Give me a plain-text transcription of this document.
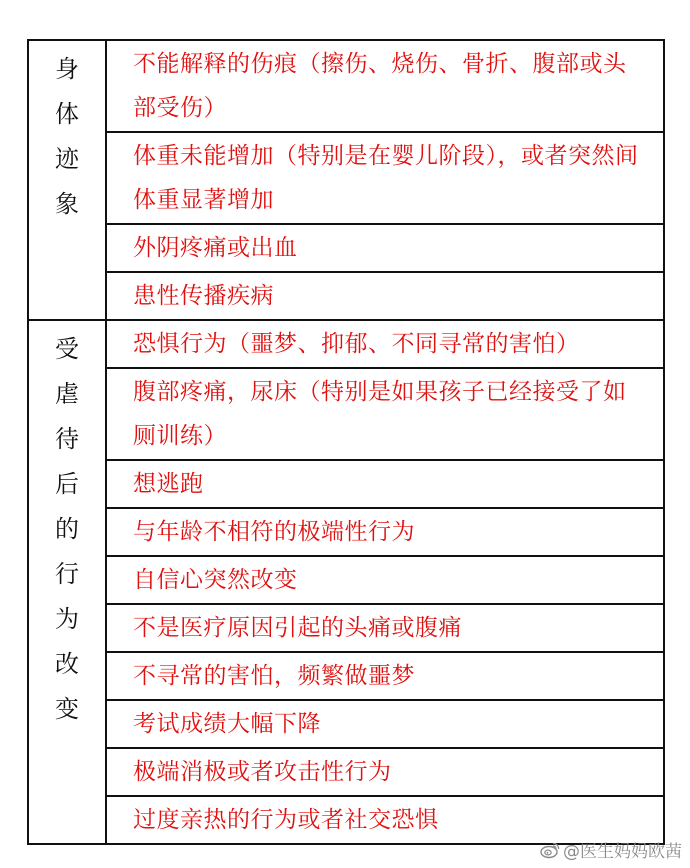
身体迹象	不能解释的伤痕（擦伤、烧伤、骨折、腹部或头部受伤）
	体重未能增加（特别是在婴儿阶段），或者突然间体重显著增加
	外阴疼痛或出血
	患性传播疾病

受虐待后的行为改变	恐惧行为（噩梦、抑郁、不同寻常的害怕）
	腹部疼痛，尿床（特别是如果孩子已经接受了如厕训练）
	想逃跑
	与年龄不相符的极端性行为
	自信心突然改变
	不是医疗原因引起的头痛或腹痛
	不寻常的害怕，频繁做噩梦
	考试成绩大幅下降
	极端消极或者攻击性行为
	过度亲热的行为或者社交恐惧
@医生妈妈欧茜
